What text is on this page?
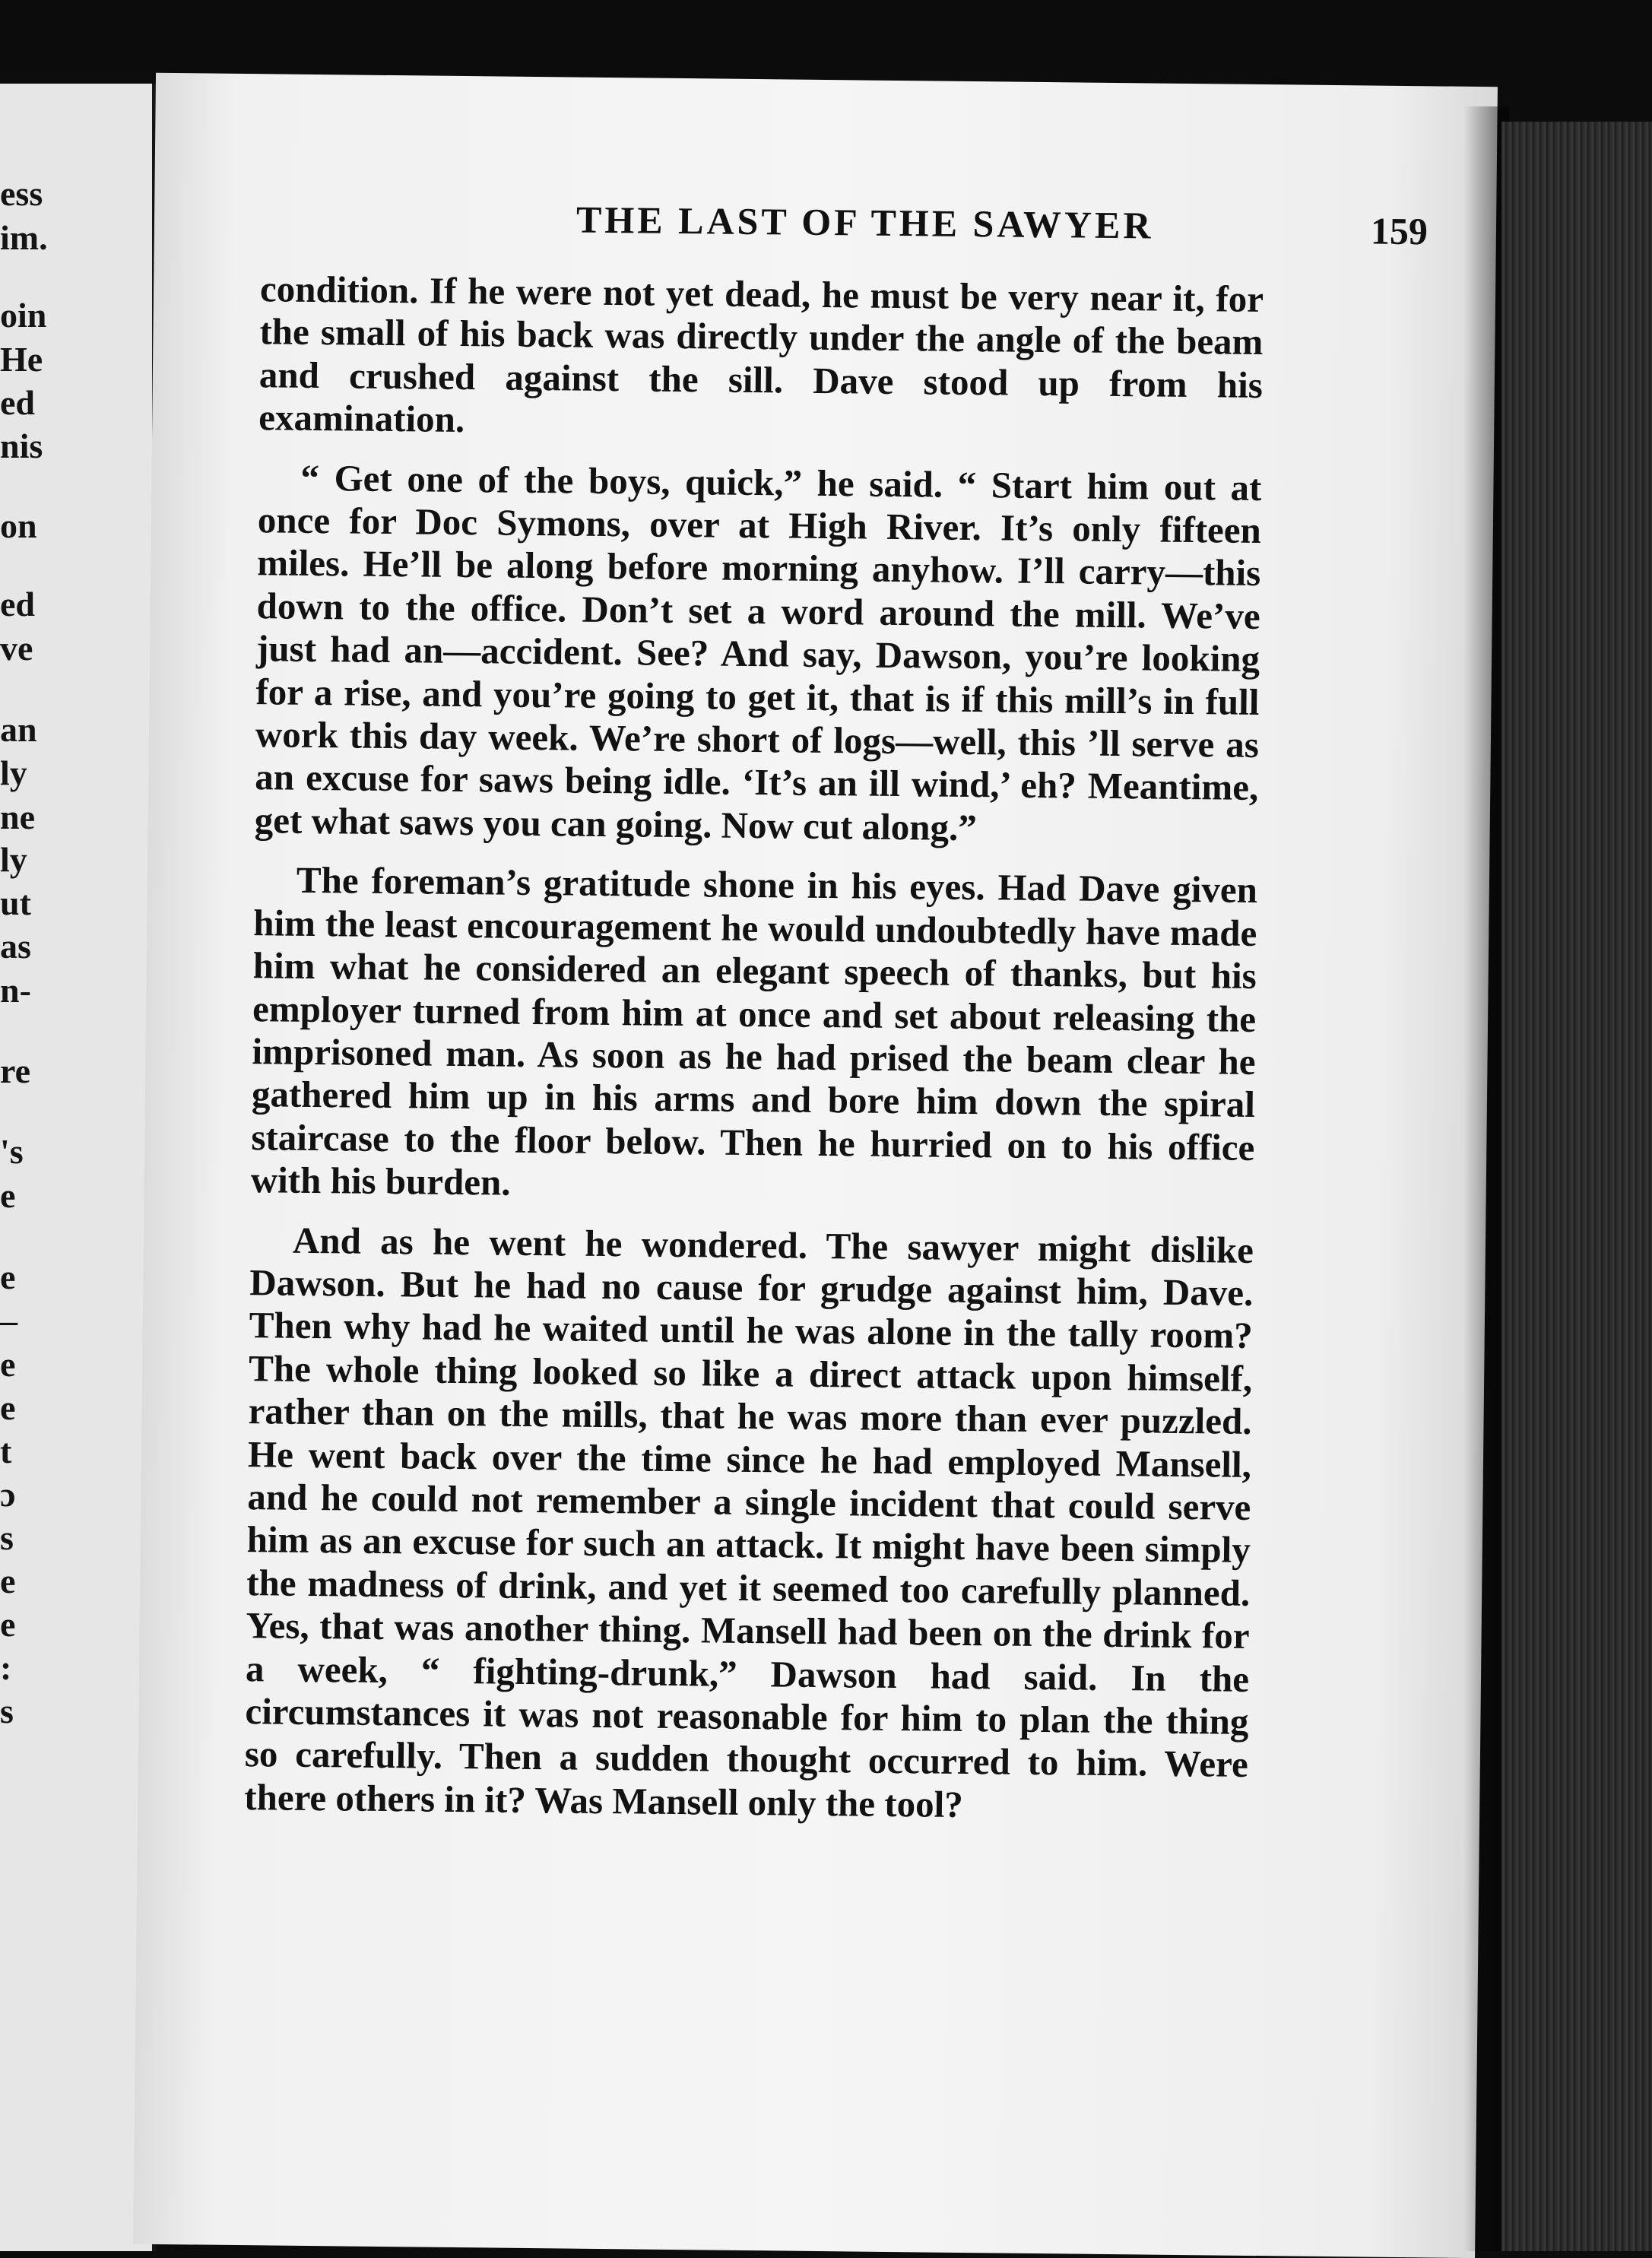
ess
im.
oin
He
ed
nis
on
ed
ve
an
ly
ne
ly
ut
as
n-
re
's
e
e
–
e
e
t
ɔ
s
e
e
:
s
THE LAST OF THE SAWYER	159

condition. If he were not yet dead, he must be very near it, for the small of his back was directly under the angle of the beam and crushed against the sill. Dave stood up from his examination.

“ Get one of the boys, quick,” he said. “ Start him out at once for Doc Symons, over at High River. It’s only fifteen miles. He’ll be along before morning anyhow. I’ll carry—this down to the office. Don’t set a word around the mill. We’ve just had an—accident. See? And say, Dawson, you’re looking for a rise, and you’re going to get it, that is if this mill’s in full work this day week. We’re short of logs—well, this ’ll serve as an excuse for saws being idle. ‘It’s an ill wind,’ eh? Meantime, get what saws you can going. Now cut along.”

The foreman’s gratitude shone in his eyes. Had Dave given him the least encouragement he would undoubtedly have made him what he considered an elegant speech of thanks, but his employer turned from him at once and set about releasing the imprisoned man. As soon as he had prised the beam clear he gathered him up in his arms and bore him down the spiral staircase to the floor below. Then he hurried on to his office with his burden.

And as he went he wondered. The sawyer might dislike Dawson. But he had no cause for grudge against him, Dave. Then why had he waited until he was alone in the tally room? The whole thing looked so like a direct attack upon himself, rather than on the mills, that he was more than ever puzzled. He went back over the time since he had employed Mansell, and he could not remember a single incident that could serve him as an excuse for such an attack. It might have been simply the madness of drink, and yet it seemed too carefully planned. Yes, that was another thing. Mansell had been on the drink for a week, “ fighting-drunk,” Dawson had said. In the circumstances it was not reasonable for him to plan the thing so carefully. Then a sudden thought occurred to him. Were there others in it? Was Mansell only the tool?
